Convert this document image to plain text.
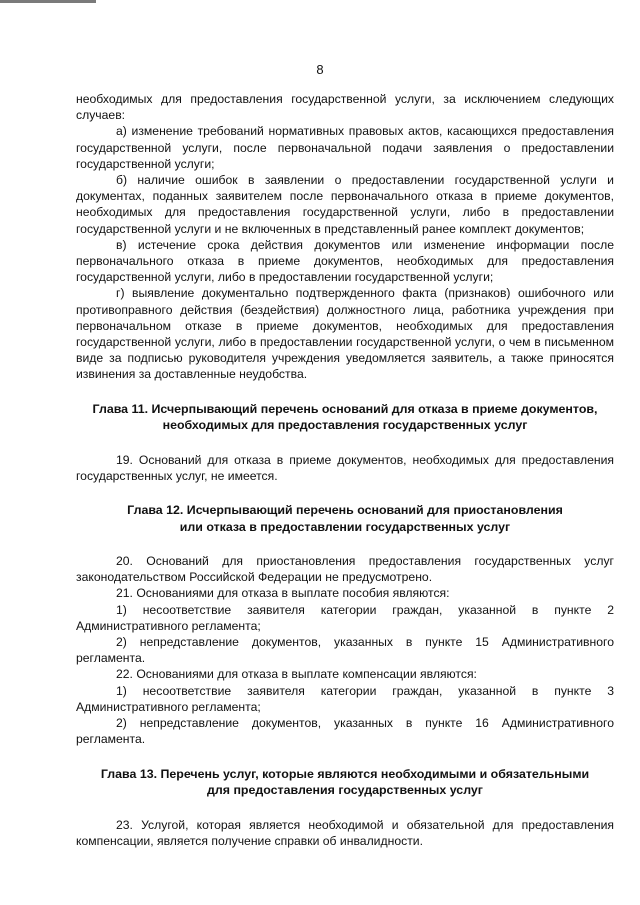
8

необходимых для предоставления государственной услуги, за исключением следующих случаев:

а) изменение требований нормативных правовых актов, касающихся предоставления государственной услуги, после первоначальной подачи заявления о предоставлении государственной услуги;

б) наличие ошибок в заявлении о предоставлении государственной услуги и документах, поданных заявителем после первоначального отказа в приеме документов, необходимых для предоставления государственной услуги, либо в предоставлении государственной услуги и не включенных в представленный ранее комплект документов;

в) истечение срока действия документов или изменение информации после первоначального отказа в приеме документов, необходимых для предоставления государственной услуги, либо в предоставлении государственной услуги;

г) выявление документально подтвержденного факта (признаков) ошибочного или противоправного действия (бездействия) должностного лица, работника учреждения при первоначальном отказе в приеме документов, необходимых для предоставления государственной услуги, либо в предоставлении государственной услуги, о чем в письменном виде за подписью руководителя учреждения уведомляется заявитель, а также приносятся извинения за доставленные неудобства.

Глава 11. Исчерпывающий перечень оснований для отказа в приеме документов,
необходимых для предоставления государственных услуг

19. Оснований для отказа в приеме документов, необходимых для предоставления государственных услуг, не имеется.

Глава 12. Исчерпывающий перечень оснований для приостановления
или отказа в предоставлении государственных услуг

20. Оснований для приостановления предоставления государственных услуг законодательством Российской Федерации не предусмотрено.

21. Основаниями для отказа в выплате пособия являются:

1) несоответствие заявителя категории граждан, указанной в пункте 2 Административного регламента;

2) непредставление документов, указанных в пункте 15 Административного регламента.

22. Основаниями для отказа в выплате компенсации являются:

1) несоответствие заявителя категории граждан, указанной в пункте 3 Административного регламента;

2) непредставление документов, указанных в пункте 16 Административного регламента.

Глава 13. Перечень услуг, которые являются необходимыми и обязательными
для предоставления государственных услуг

23. Услугой, которая является необходимой и обязательной для предоставления компенсации, является получение справки об инвалидности.
